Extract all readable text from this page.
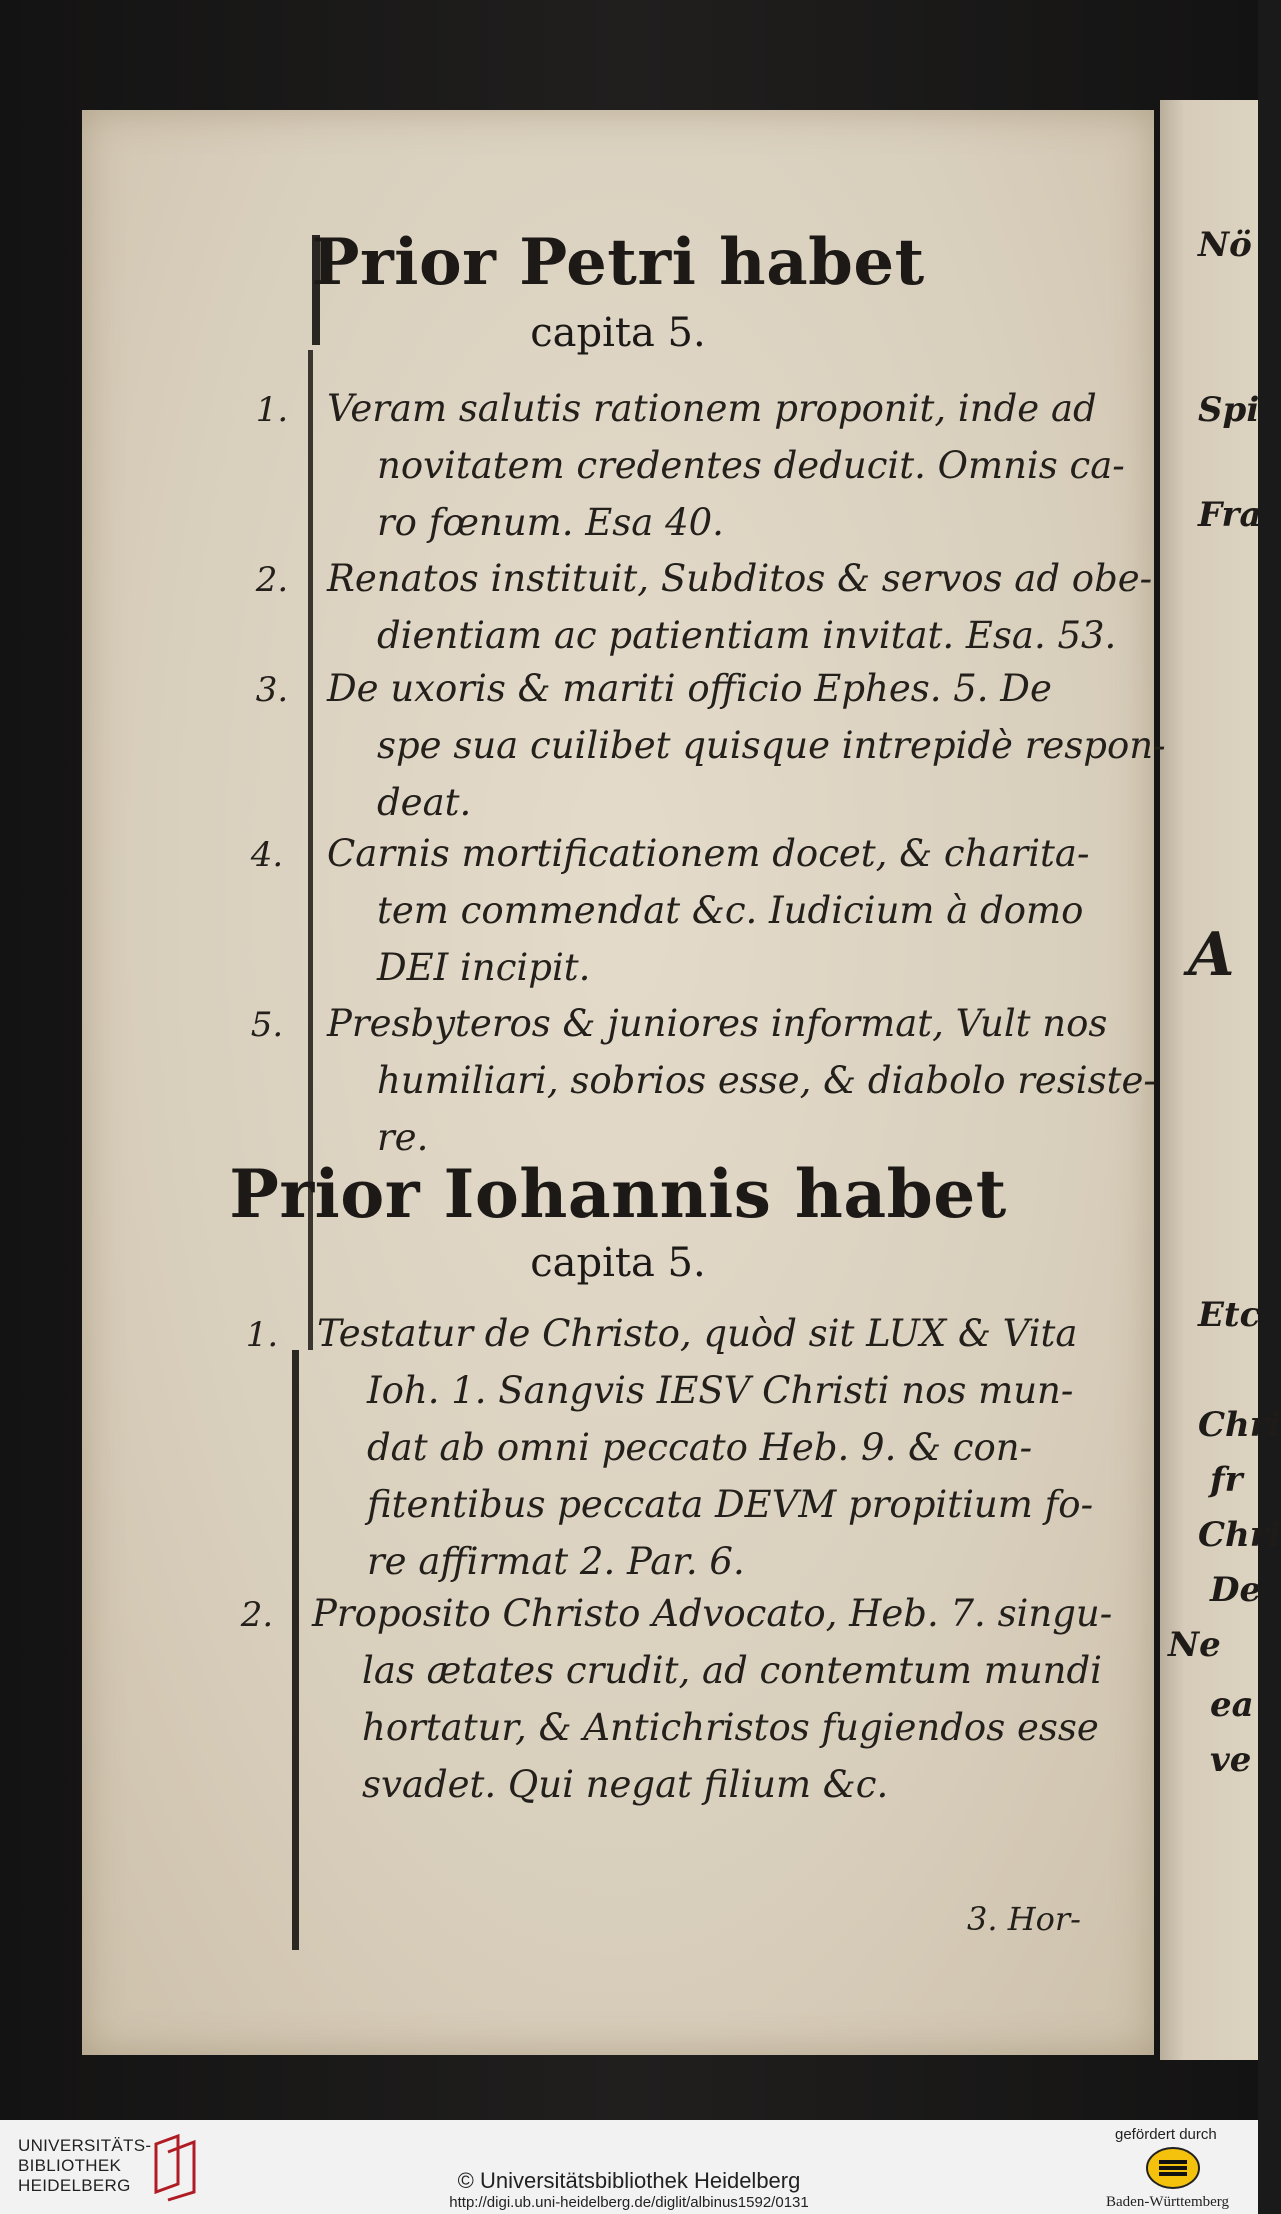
Prior Petri habet
capita 5.
1. Veram salutis rationem proponit, inde ad
novitatem credentes deducit. Omnis ca-
ro fœnum. Esa 40.
2. Renatos instituit, Subditos & servos ad obe-
dientiam ac patientiam invitat. Esa. 53.
3. De uxoris & mariti officio Ephes. 5. De
spe sua cuilibet quisque intrepidè respon-
deat.
4. Carnis mortificationem docet, & charita-
tem commendat &c. Iudicium à domo
DEI incipit.
5. Presbyteros & juniores informat, Vult nos
humiliari, sobrios esse, & diabolo resiste-
re.
Prior Iohannis habet
capita 5.
1. Testatur de Christo, quòd sit LUX & Vita
Ioh. 1. Sangvis IESV Christi nos mun-
dat ab omni peccato Heb. 9. & con-
fitentibus peccata DEVM propitium fo-
re affirmat 2. Par. 6.
2. Proposito Christo Advocato, Heb. 7. singu-
las ætates crudit, ad contemtum mundi
hortatur, & Antichristos fugiendos esse
svadet. Qui negat filium &c.
3. Hor-
Nö
Spi
Fra
A
Etc
Chri
fr
Chri
De
Ne
ea
ve
UNIVERSITÄTS-
BIBLIOTHEK
HEIDELBERG	© Universitätsbibliothek Heidelberg
http://digi.ub.uni-heidelberg.de/diglit/albinus1592/0131
gefördert durch
Baden-Württemberg
